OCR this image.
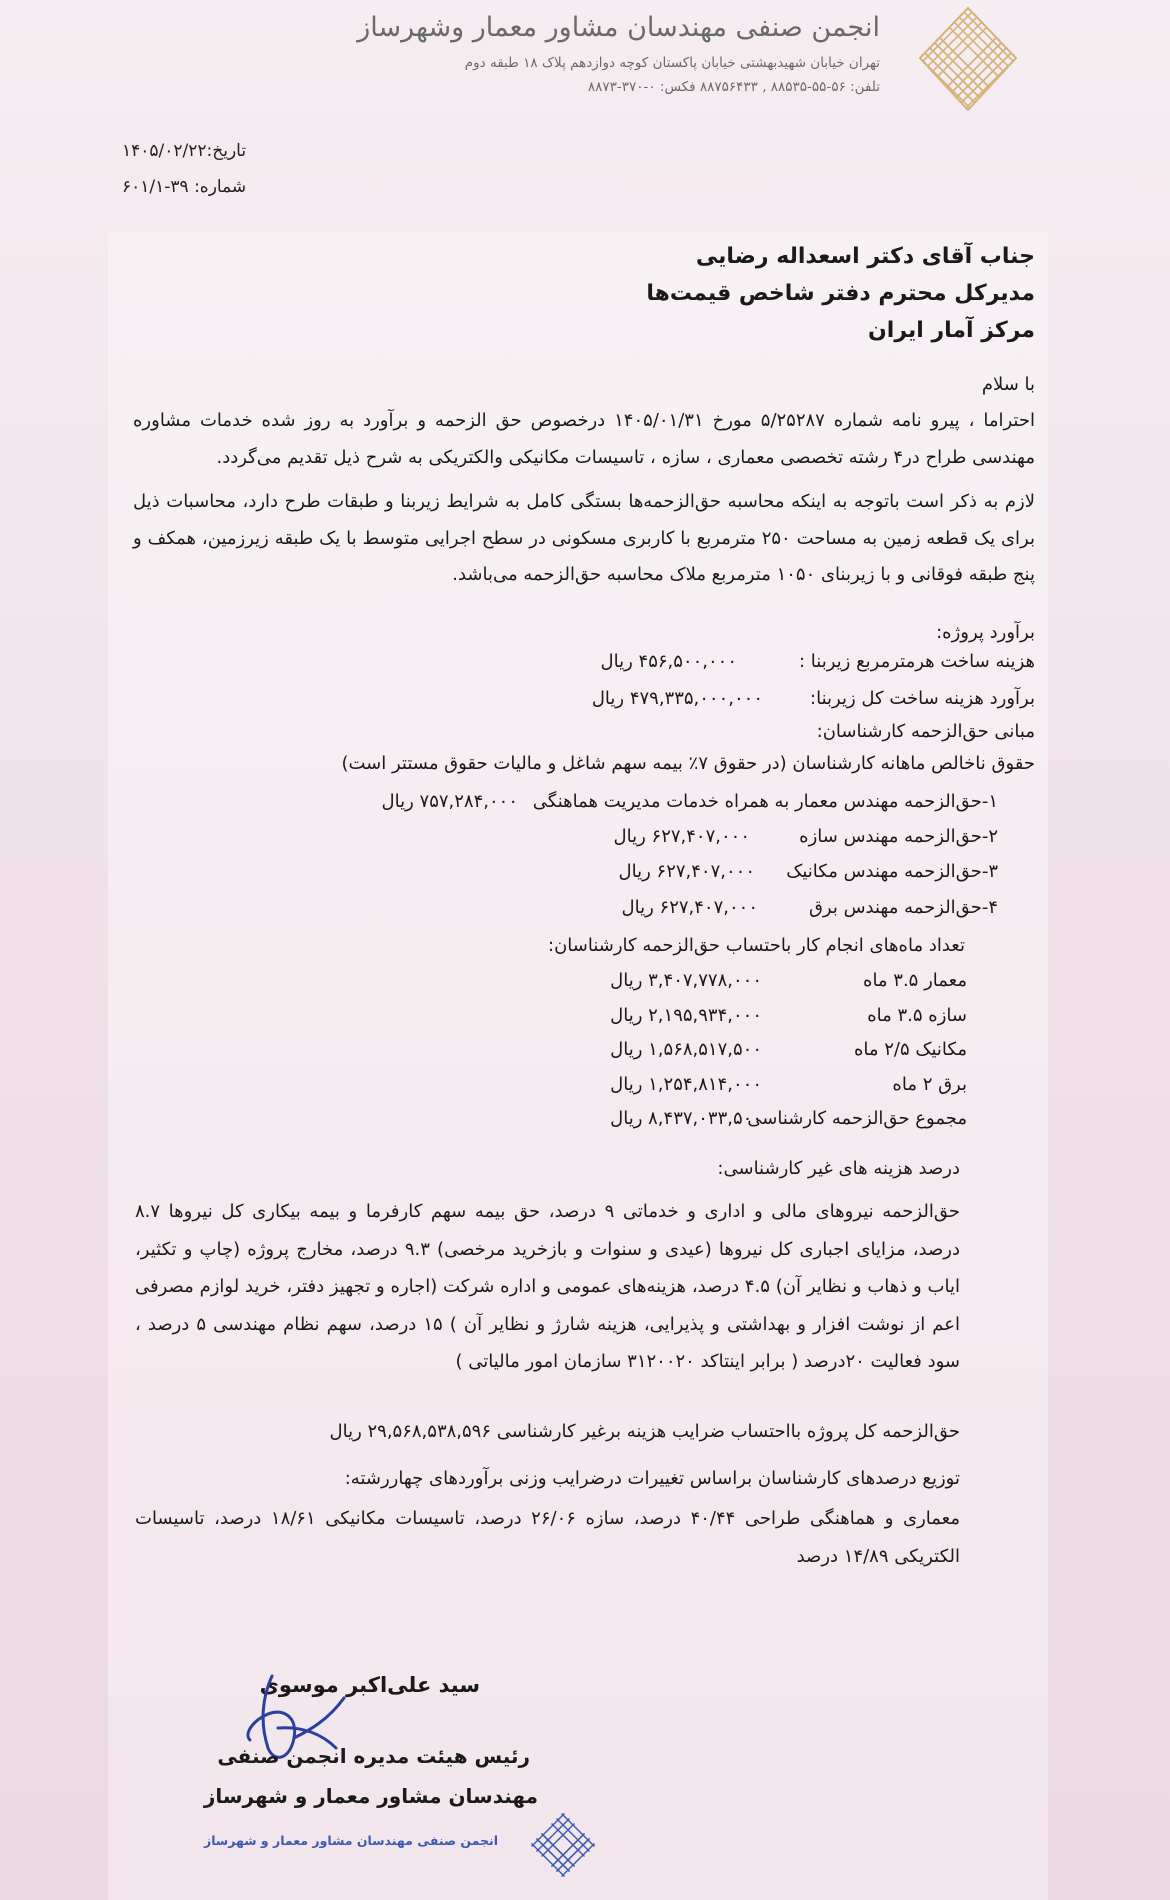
انجمن صنفی مهندسان مشاور معمار وشهرساز
تهران خیابان شهیدبهشتی خیابان پاکستان کوچه دوازدهم پلاک ۱۸ طبقه دوم
تلفن: ۵۶-۵۵-۸۸۵۳۵ , ۸۸۷۵۶۴۳۳ فکس: ۰-۳۷۰-۸۸۷۳
تاریخ:۱۴۰۵/۰۲/۲۲
شماره: ۳۹-۶۰۱/۱
جناب آقای دکتر اسعداله رضایی
مدیرکل محترم دفتر شاخص قیمت‌ها
مرکز آمار ایران
با سلام
احتراما ، پیرو نامه شماره ۵/۲۵۲۸۷ مورخ ۱۴۰۵/۰۱/۳۱ درخصوص حق الزحمه و برآورد به روز شده خدمات مشاوره مهندسی طراح در۴ رشته تخصصی معماری ، سازه ، تاسیسات مکانیکی والکتریکی به شرح ذیل تقدیم می‌گردد.
لازم به ذکر است باتوجه به اینکه محاسبه حق‌الزحمه‌ها بستگی کامل به شرایط زیربنا و طبقات طرح دارد، محاسبات ذیل برای یک قطعه زمین به مساحت ۲۵۰ مترمربع با کاربری مسکونی در سطح اجرایی متوسط با یک طبقه زیرزمین، همکف و پنج طبقه فوقانی و با زیربنای ۱۰۵۰ مترمربع ملاک محاسبه حق‌الزحمه می‌باشد.
برآورد پروژه:
هزینه ساخت هرمترمربع زیربنا :
۴۵۶,۵۰۰,۰۰۰ ریال
برآورد هزینه ساخت کل زیربنا:
۴۷۹,۳۳۵,۰۰۰,۰۰۰ ریال
مبانی حق‌الزحمه کارشناسان:
حقوق ناخالص ماهانه کارشناسان (در حقوق ۷٪ بیمه سهم شاغل و مالیات حقوق مستتر است)
۱-حق‌الزحمه مهندس معمار به همراه خدمات مدیریت هماهنگی
۷۵۷,۲۸۴,۰۰۰ ریال
۲-حق‌الزحمه مهندس سازه
۶۲۷,۴۰۷,۰۰۰ ریال
۳-حق‌الزحمه مهندس مکانیک
۶۲۷,۴۰۷,۰۰۰ ریال
۴-حق‌الزحمه مهندس برق
۶۲۷,۴۰۷,۰۰۰ ریال
تعداد ماه‌های انجام کار باحتساب حق‌الزحمه کارشناسان:
معمار ۳.۵ ماه
۳,۴۰۷,۷۷۸,۰۰۰ ریال
سازه ۳.۵ ماه
۲,۱۹۵,۹۳۴,۰۰۰ ریال
مکانیک ۲/۵ ماه
۱,۵۶۸,۵۱۷,۵۰۰ ریال
برق ۲ ماه
۱,۲۵۴,۸۱۴,۰۰۰ ریال
مجموع حق‌الزحمه کارشناسی
۸,۴۳۷,۰۳۳,۵۰۰ ریال
درصد هزینه های غیر کارشناسی:
حق‌الزحمه نیروهای مالی و اداری و خدماتی ۹ درصد، حق بیمه سهم کارفرما و بیمه بیکاری کل نیروها ۸.۷ درصد، مزایای اجباری کل نیروها (عیدی و سنوات و بازخرید مرخصی) ۹.۳ درصد، مخارج پروژه (چاپ و تکثیر، ایاب و ذهاب و نظایر آن) ۴.۵ درصد، هزینه‌های عمومی و اداره شرکت (اجاره و تجهیز دفتر، خرید لوازم مصرفی اعم از نوشت افزار و بهداشتی و پذیرایی، هزینه شارژ و نظایر آن ) ۱۵ درصد، سهم نظام مهندسی ۵ درصد ، سود فعالیت ۲۰درصد ( برابر اینتاکد ۳۱۲۰۰۲۰ سازمان امور مالیاتی )
حق‌الزحمه کل پروژه بااحتساب ضرایب هزینه برغیر کارشناسی ۲۹,۵۶۸,۵۳۸,۵۹۶ ریال
توزیع درصدهای کارشناسان براساس تغییرات درضرایب وزنی برآوردهای چهاررشته:
معماری و هماهنگی طراحی ۴۰/۴۴ درصد، سازه ۲۶/۰۶ درصد، تاسیسات مکانیکی ۱۸/۶۱ درصد، تاسیسات الکتریکی ۱۴/۸۹ درصد
سید علی‌اکبر موسوی
رئیس هیئت مدیره انجمن صنفی
مهندسان مشاور معمار و شهرساز
انجمن صنفی مهندسان مشاور معمار و شهرساز
